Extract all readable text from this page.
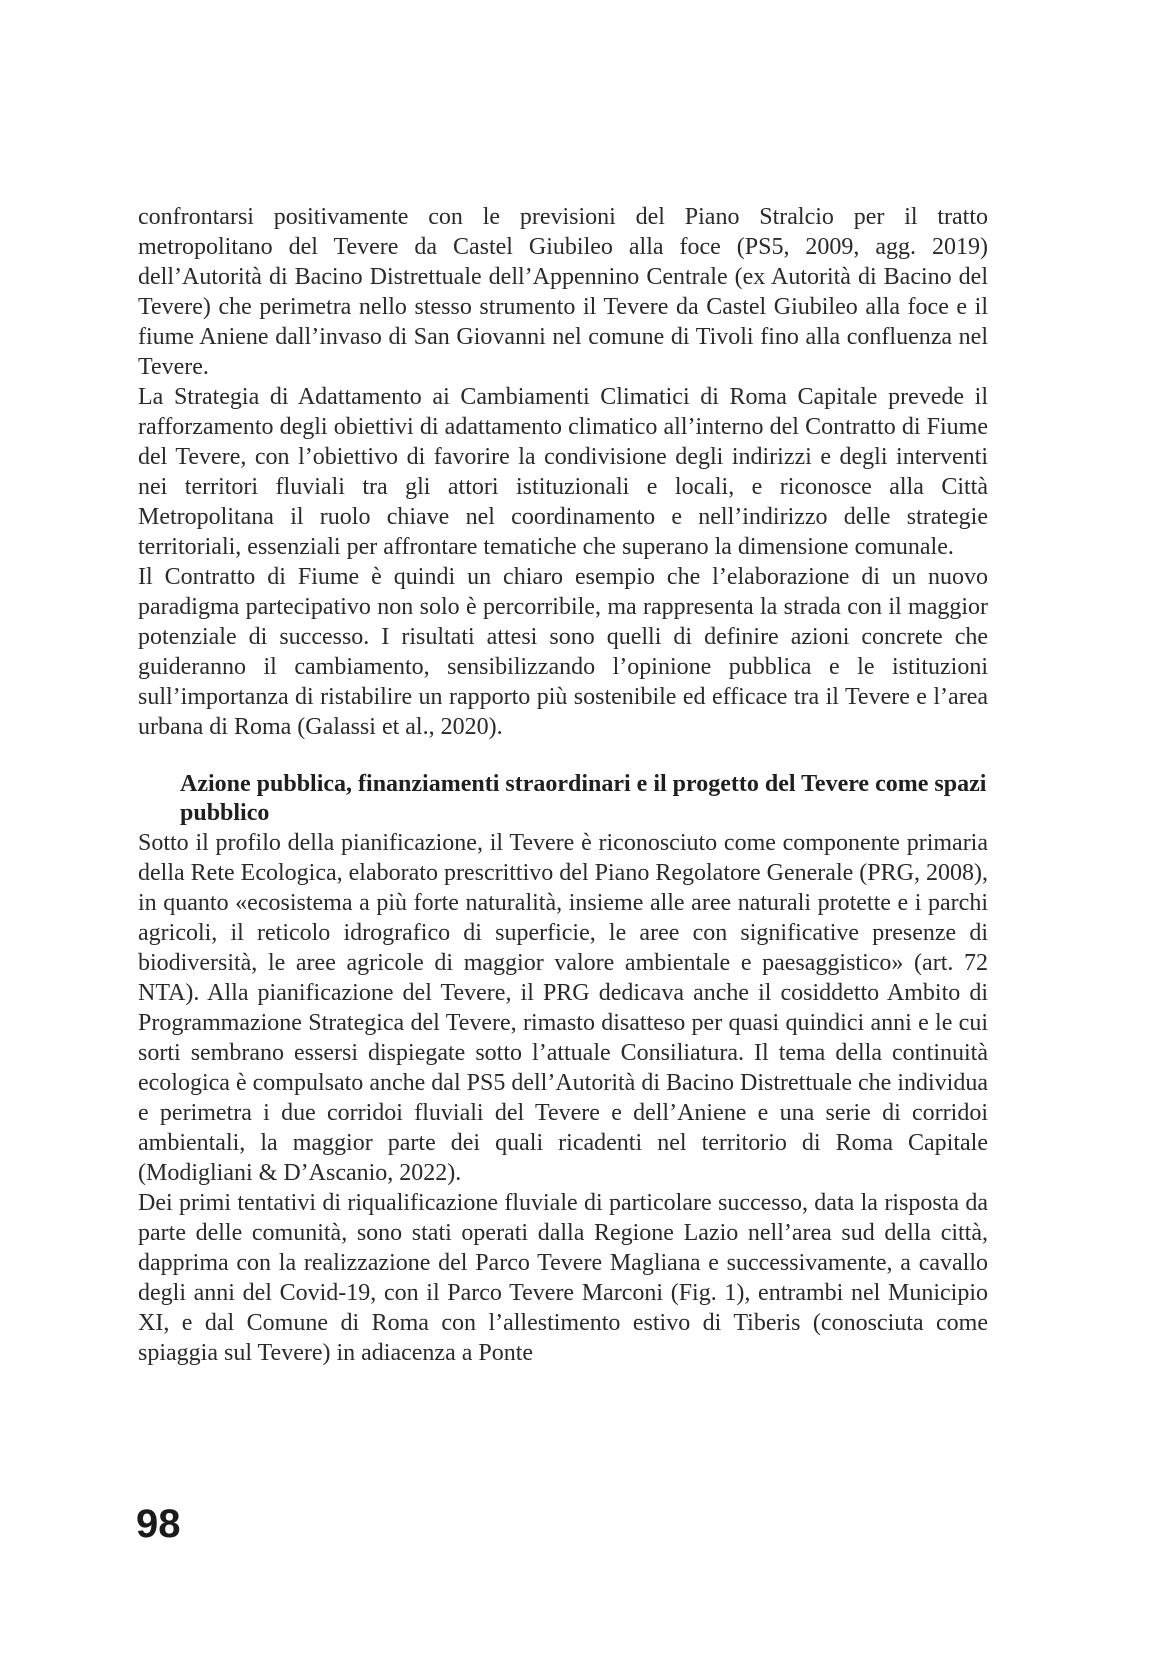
confrontarsi positivamente con le previsioni del Piano Stralcio per il tratto metropolitano del Tevere da Castel Giubileo alla foce (PS5, 2009, agg. 2019) dell’Autorità di Bacino Distrettuale dell’Appennino Centrale (ex Autorità di Bacino del Tevere) che perimetra nello stesso strumento il Tevere da Castel Giubileo alla foce e il fiume Aniene dall’invaso di San Giovanni nel comune di Tivoli fino alla confluenza nel Tevere.

La Strategia di Adattamento ai Cambiamenti Climatici di Roma Capitale prevede il rafforzamento degli obiettivi di adattamento climatico all’interno del Contratto di Fiume del Tevere, con l’obiettivo di favorire la condivisione degli indirizzi e degli interventi nei territori fluviali tra gli attori istituzionali e locali, e riconosce alla Città Metropolitana il ruolo chiave nel coordinamento e nell’indirizzo delle strategie territoriali, essenziali per affrontare tematiche che superano la dimensione comunale.

Il Contratto di Fiume è quindi un chiaro esempio che l’elaborazione di un nuovo paradigma partecipativo non solo è percorribile, ma rappresenta la strada con il maggior potenziale di successo. I risultati attesi sono quelli di definire azioni concrete che guideranno il cambiamento, sensibilizzando l’opinione pubblica e le istituzioni sull’importanza di ristabilire un rapporto più sostenibile ed efficace tra il Tevere e l’area urbana di Roma (Galassi et al., 2020).

Azione pubblica, finanziamenti straordinari e il progetto del Tevere come spazi pubblico

Sotto il profilo della pianificazione, il Tevere è riconosciuto come componente primaria della Rete Ecologica, elaborato prescrittivo del Piano Regolatore Generale (PRG, 2008), in quanto «ecosistema a più forte naturalità, insieme alle aree naturali protette e i parchi agricoli, il reticolo idrografico di superficie, le aree con significative presenze di biodiversità, le aree agricole di maggior valore ambientale e paesaggistico» (art. 72 NTA). Alla pianificazione del Tevere, il PRG dedicava anche il cosiddetto Ambito di Programmazione Strategica del Tevere, rimasto disatteso per quasi quindici anni e le cui sorti sembrano essersi dispiegate sotto l’attuale Consiliatura. Il tema della continuità ecologica è compulsato anche dal PS5 dell’Autorità di Bacino Distrettuale che individua e perimetra i due corridoi fluviali del Tevere e dell’Aniene e una serie di corridoi ambientali, la maggior parte dei quali ricadenti nel territorio di Roma Capitale (Modigliani & D’Ascanio, 2022).

Dei primi tentativi di riqualificazione fluviale di particolare successo, data la risposta da parte delle comunità, sono stati operati dalla Regione Lazio nell’area sud della città, dapprima con la realizzazione del Parco Tevere Magliana e successivamente, a cavallo degli anni del Covid-19, con il Parco Tevere Marconi (Fig. 1), entrambi nel Municipio XI, e dal Comune di Roma con l’allestimento estivo di Tiberis (conosciuta come spiaggia sul Tevere) in adiacenza a Ponte

98
